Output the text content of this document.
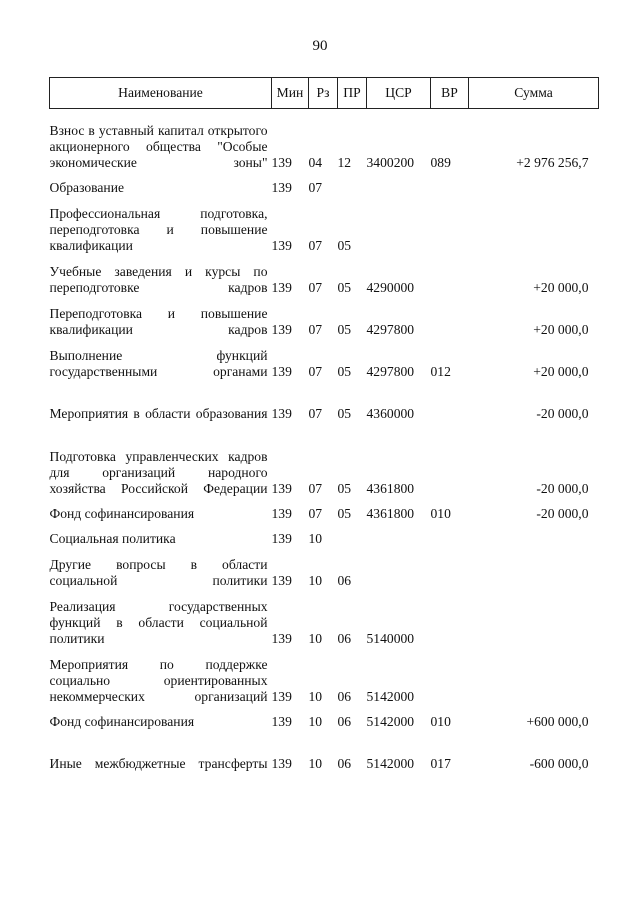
90
Наименование	Мин	Рз	ПР	ЦСР	ВР	Сумма
Взнос в уставный капитал открытого акционерного общества "Особые экономические зоны"	139	04	12	3400200	089	+2 976 256,7
Образование	139	07				
Профессиональная подготовка, переподготовка и повышение квалификации	139	07	05			
Учебные заведения и курсы по переподготовке кадров	139	07	05	4290000		+20 000,0
Переподготовка и повышение квалификации кадров	139	07	05	4297800		+20 000,0
Выполнение функций государственными органами	139	07	05	4297800	012	+20 000,0
Мероприятия в области образования	139	07	05	4360000		-20 000,0
Подготовка управленческих кадров для организаций народного хозяйства Российской Федерации	139	07	05	4361800		-20 000,0
Фонд софинансирования	139	07	05	4361800	010	-20 000,0
Социальная политика	139	10				
Другие вопросы в области социальной политики	139	10	06			
Реализация государственных функций в области социальной политики	139	10	06	5140000		
Мероприятия по поддержке социально ориентированных некоммерческих организаций	139	10	06	5142000		
Фонд софинансирования	139	10	06	5142000	010	+600 000,0
Иные межбюджетные трансферты	139	10	06	5142000	017	-600 000,0
